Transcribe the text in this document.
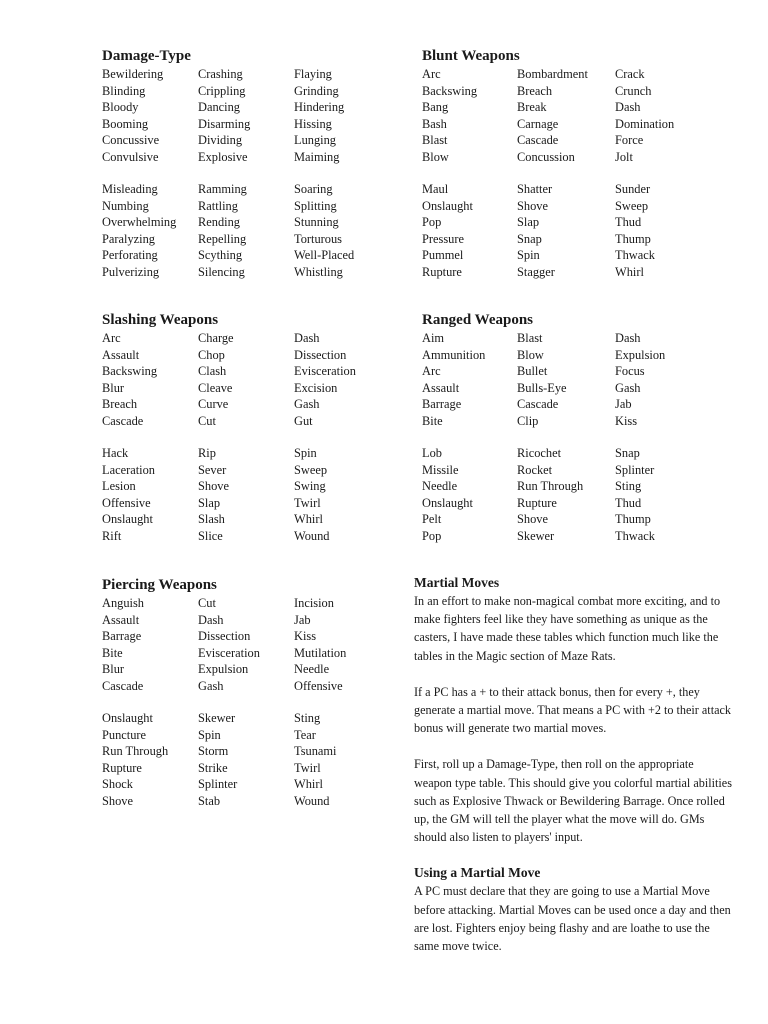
Damage-Type
Bewildering
Blinding
Bloody
Booming
Concussive
Convulsive
Misleading
Numbing
Overwhelming
Paralyzing
Perforating
Pulverizing
Crashing
Crippling
Dancing
Disarming
Dividing
Explosive
Ramming
Rattling
Rending
Repelling
Scything
Silencing
Flaying
Grinding
Hindering
Hissing
Lunging
Maiming
Soaring
Splitting
Stunning
Torturous
Well-Placed
Whistling
Blunt Weapons
Arc
Backswing
Bang
Bash
Blast
Blow
Maul
Onslaught
Pop
Pressure
Pummel
Rupture
Bombardment
Breach
Break
Carnage
Cascade
Concussion
Shatter
Shove
Slap
Snap
Spin
Stagger
Crack
Crunch
Dash
Domination
Force
Jolt
Sunder
Sweep
Thud
Thump
Thwack
Whirl
Slashing Weapons
Arc
Assault
Backswing
Blur
Breach
Cascade
Hack
Laceration
Lesion
Offensive
Onslaught
Rift
Charge
Chop
Clash
Cleave
Curve
Cut
Rip
Sever
Shove
Slap
Slash
Slice
Dash
Dissection
Evisceration
Excision
Gash
Gut
Spin
Sweep
Swing
Twirl
Whirl
Wound
Ranged Weapons
Aim
Ammunition
Arc
Assault
Barrage
Bite
Lob
Missile
Needle
Onslaught
Pelt
Pop
Blast
Blow
Bullet
Bulls-Eye
Cascade
Clip
Ricochet
Rocket
Run Through
Rupture
Shove
Skewer
Dash
Expulsion
Focus
Gash
Jab
Kiss
Snap
Splinter
Sting
Thud
Thump
Thwack
Piercing Weapons
Anguish
Assault
Barrage
Bite
Blur
Cascade
Onslaught
Puncture
Run Through
Rupture
Shock
Shove
Cut
Dash
Dissection
Evisceration
Expulsion
Gash
Skewer
Spin
Storm
Strike
Splinter
Stab
Incision
Jab
Kiss
Mutilation
Needle
Offensive
Sting
Tear
Tsunami
Twirl
Whirl
Wound
Martial Moves

In an effort to make non-magical combat more exciting, and to make fighters feel like they have something as unique as the casters, I have made these tables which function much like the tables in the Magic section of Maze Rats.

If a PC has a + to their attack bonus, then for every +, they generate a martial move. That means a PC with +2 to their attack bonus will generate two martial moves.

First, roll up a Damage-Type, then roll on the appropriate weapon type table. This should give you colorful martial abilities such as Explosive Thwack or Bewildering Barrage. Once rolled up, the GM will tell the player what the move will do. GMs should also listen to players' input.

Using a Martial Move

A PC must declare that they are going to use a Martial Move before attacking. Martial Moves can be used once a day and then are lost. Fighters enjoy being flashy and are loathe to use the same move twice.
